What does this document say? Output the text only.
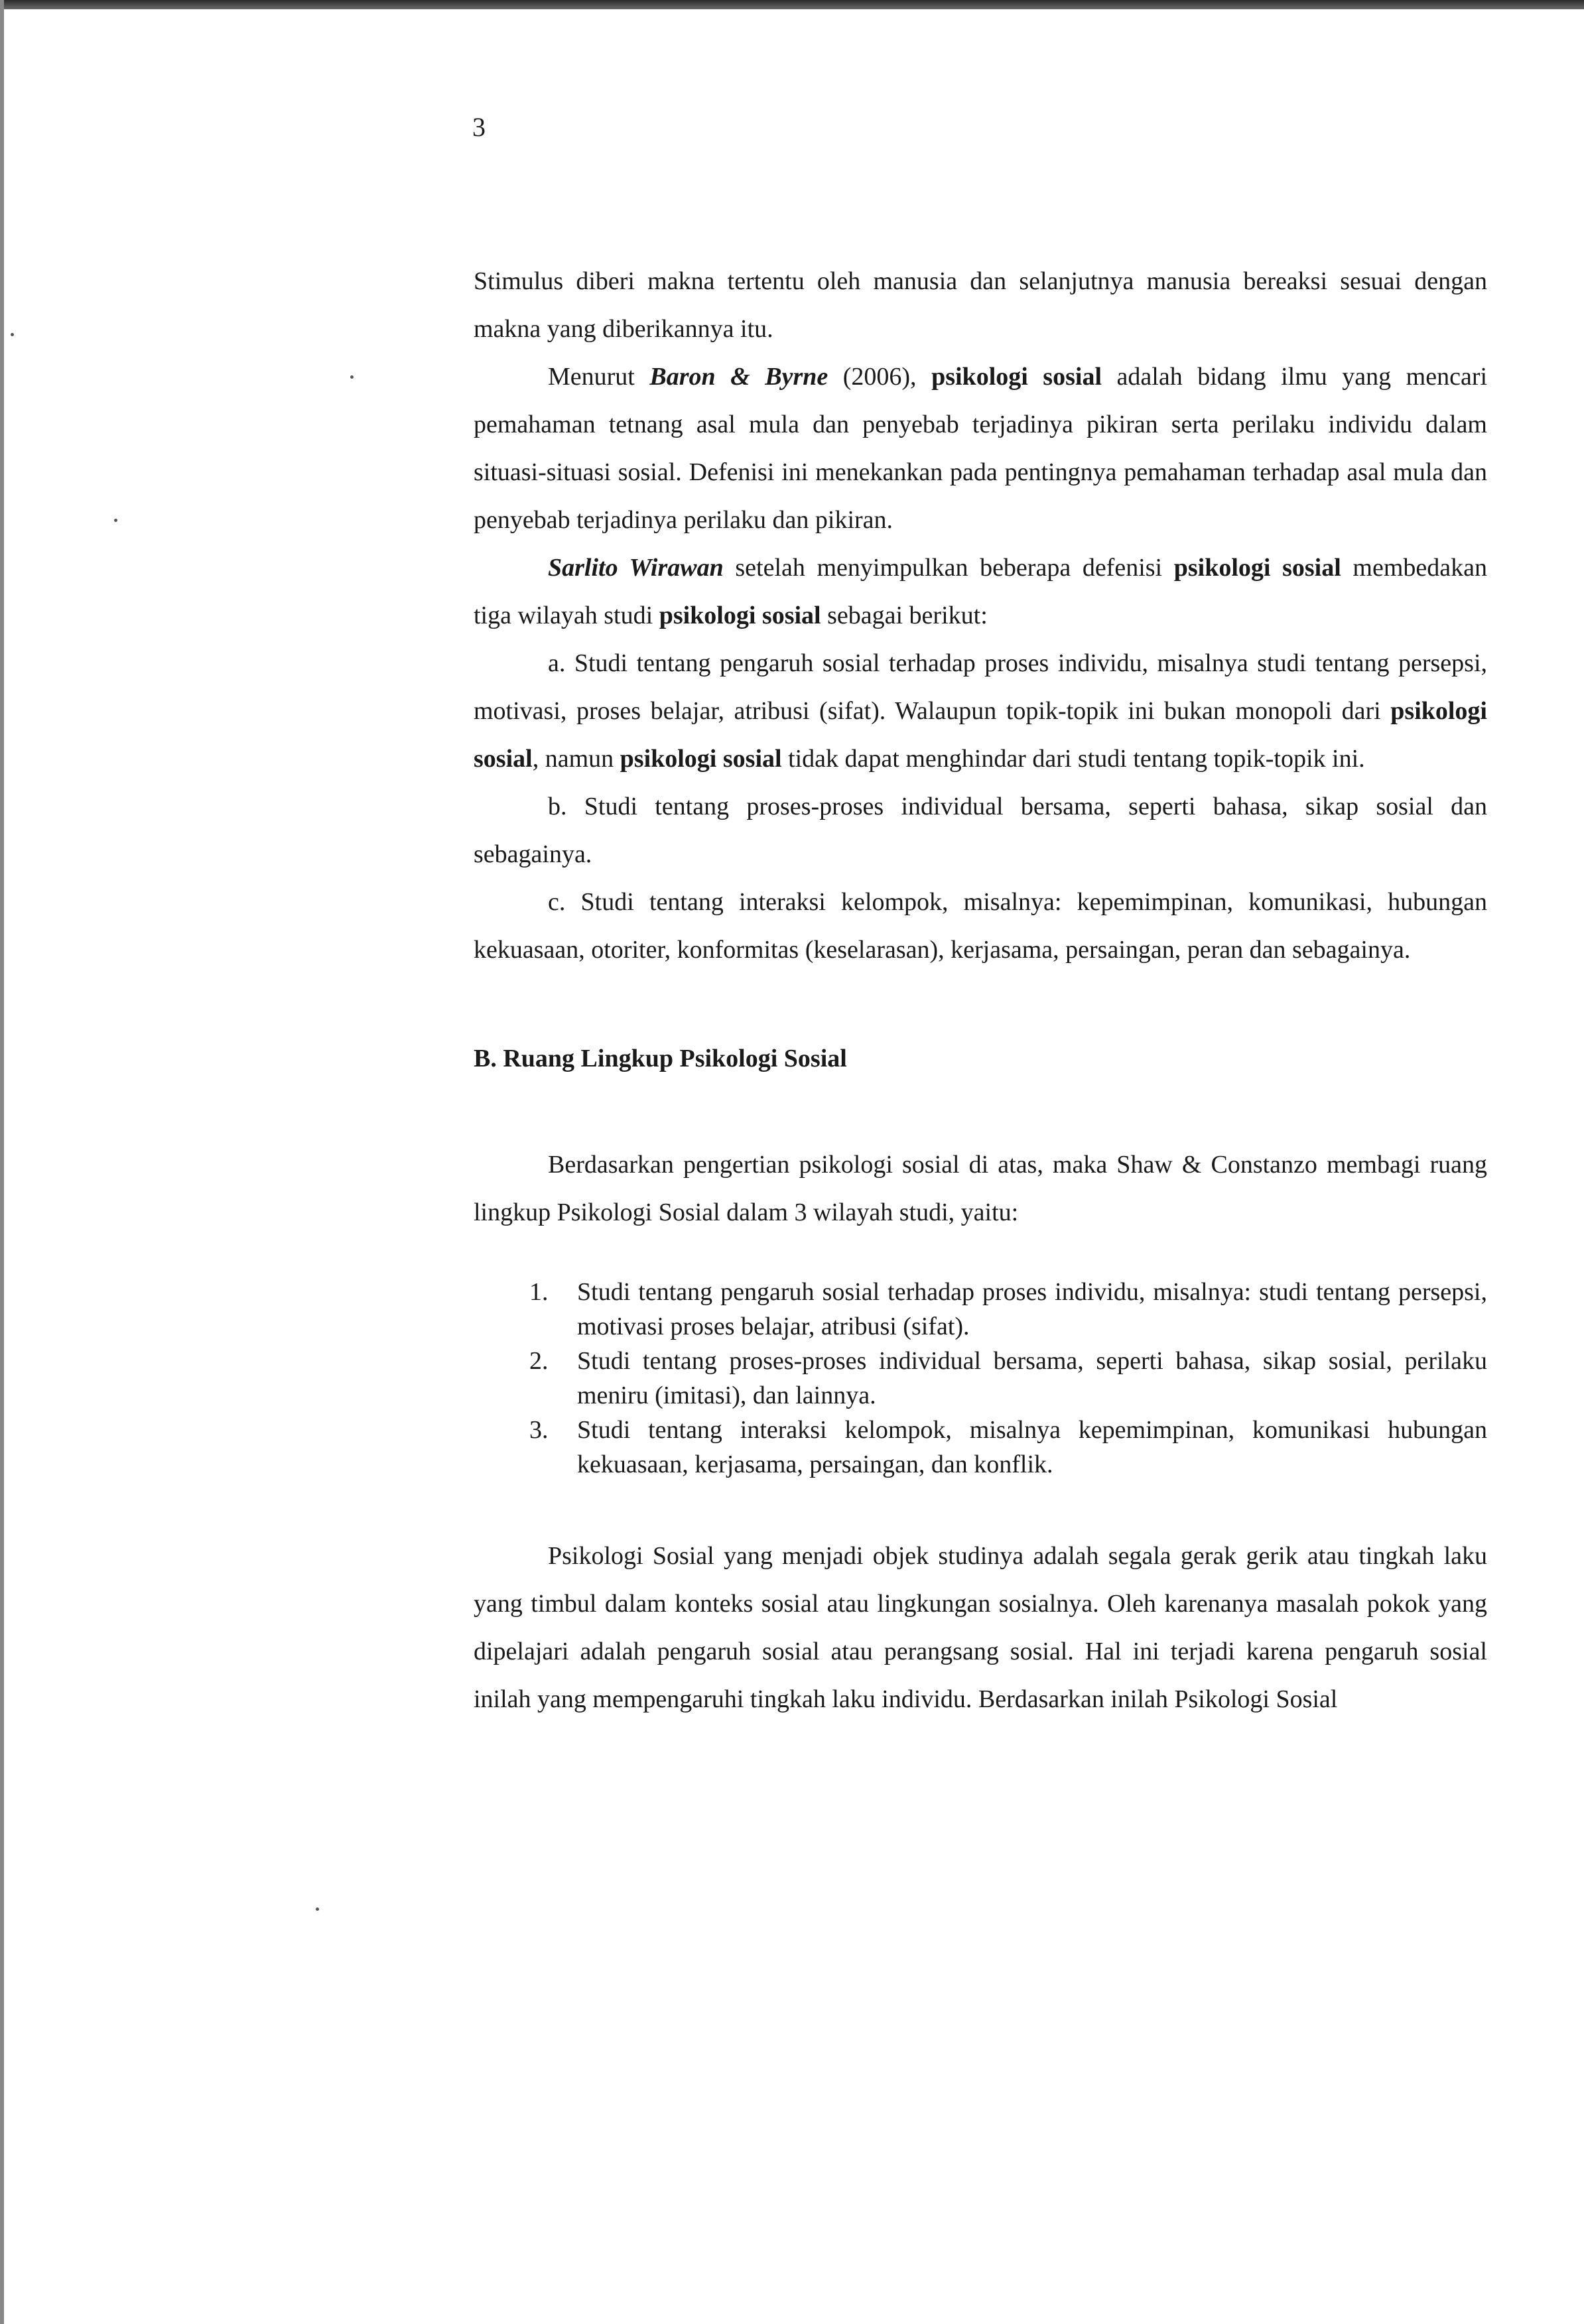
3

Stimulus diberi makna tertentu oleh manusia dan selanjutnya manusia bereaksi sesuai dengan makna yang diberikannya itu.

Menurut Baron & Byrne (2006), psikologi sosial adalah bidang ilmu yang mencari pemahaman tetnang asal mula dan penyebab terjadinya pikiran serta perilaku individu dalam situasi-situasi sosial. Defenisi ini menekankan pada pentingnya pemahaman terhadap asal mula dan penyebab terjadinya perilaku dan pikiran.

Sarlito Wirawan setelah menyimpulkan beberapa defenisi psikologi sosial membedakan tiga wilayah studi psikologi sosial sebagai berikut:

a. Studi tentang pengaruh sosial terhadap proses individu, misalnya studi tentang persepsi, motivasi, proses belajar, atribusi (sifat). Walaupun topik-topik ini bukan monopoli dari psikologi sosial, namun psikologi sosial tidak dapat menghindar dari studi tentang topik-topik ini.

b. Studi tentang proses-proses individual bersama, seperti bahasa, sikap sosial dan sebagainya.

c. Studi tentang interaksi kelompok, misalnya: kepemimpinan, komunikasi, hubungan kekuasaan, otoriter, konformitas (keselarasan), kerjasama, persaingan, peran dan sebagainya.

B. Ruang Lingkup Psikologi Sosial

Berdasarkan pengertian psikologi sosial di atas, maka Shaw & Constanzo membagi ruang lingkup Psikologi Sosial dalam 3 wilayah studi, yaitu:

1.	Studi tentang pengaruh sosial terhadap proses individu, misalnya: studi tentang persepsi, motivasi proses belajar, atribusi (sifat).
2.	Studi tentang proses-proses individual bersama, seperti bahasa, sikap sosial, perilaku meniru (imitasi), dan lainnya.
3.	Studi tentang interaksi kelompok, misalnya kepemimpinan, komunikasi hubungan kekuasaan, kerjasama, persaingan, dan konflik.

Psikologi Sosial yang menjadi objek studinya adalah segala gerak gerik atau tingkah laku yang timbul dalam konteks sosial atau lingkungan sosialnya. Oleh karenanya masalah pokok yang dipelajari adalah pengaruh sosial atau perangsang sosial. Hal ini terjadi karena pengaruh sosial inilah yang mempengaruhi tingkah laku individu. Berdasarkan inilah Psikologi Sosial
